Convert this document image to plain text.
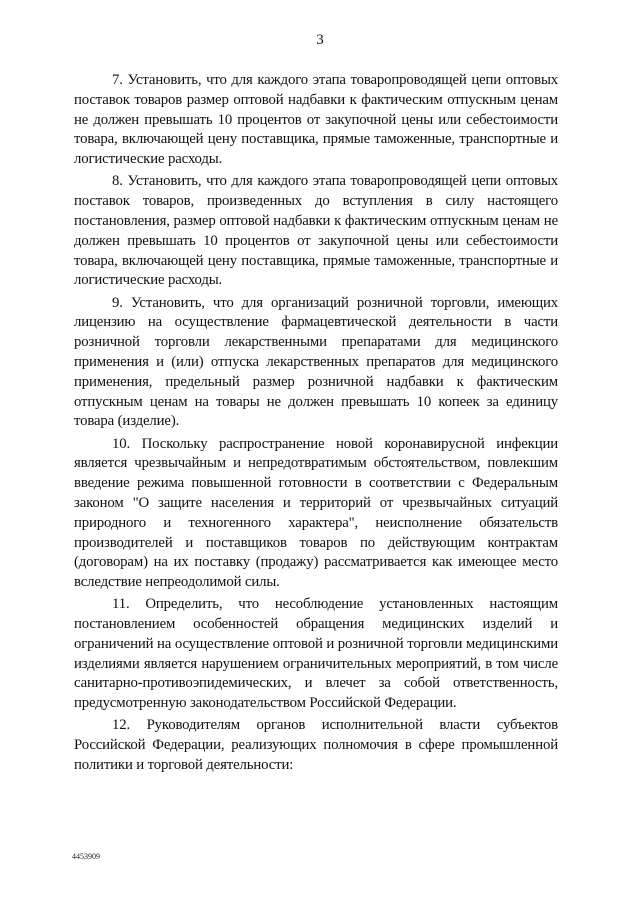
3

7. Установить, что для каждого этапа товаропроводящей цепи оптовых поставок товаров размер оптовой надбавки к фактическим отпускным ценам не должен превышать 10 процентов от закупочной цены или себестоимости товара, включающей цену поставщика, прямые таможенные, транспортные и логистические расходы.

8. Установить, что для каждого этапа товаропроводящей цепи оптовых поставок товаров, произведенных до вступления в силу настоящего постановления, размер оптовой надбавки к фактическим отпускным ценам не должен превышать 10 процентов от закупочной цены или себестоимости товара, включающей цену поставщика, прямые таможенные, транспортные и логистические расходы.

9. Установить, что для организаций розничной торговли, имеющих лицензию на осуществление фармацевтической деятельности в части розничной торговли лекарственными препаратами для медицинского применения и (или) отпуска лекарственных препаратов для медицинского применения, предельный размер розничной надбавки к фактическим отпускным ценам на товары не должен превышать 10 копеек за единицу товара (изделие).

10. Поскольку распространение новой коронавирусной инфекции является чрезвычайным и непредотвратимым обстоятельством, повлекшим введение режима повышенной готовности в соответствии с Федеральным законом "О защите населения и территорий от чрезвычайных ситуаций природного и техногенного характера", неисполнение обязательств производителей и поставщиков товаров по действующим контрактам (договорам) на их поставку (продажу) рассматривается как имеющее место вследствие непреодолимой силы.

11. Определить, что несоблюдение установленных настоящим постановлением особенностей обращения медицинских изделий и ограничений на осуществление оптовой и розничной торговли медицинскими изделиями является нарушением ограничительных мероприятий, в том числе санитарно-противоэпидемических, и влечет за собой ответственность, предусмотренную законодательством Российской Федерации.

12. Руководителям органов исполнительной власти субъектов Российской Федерации, реализующих полномочия в сфере промышленной политики и торговой деятельности:

4453909
